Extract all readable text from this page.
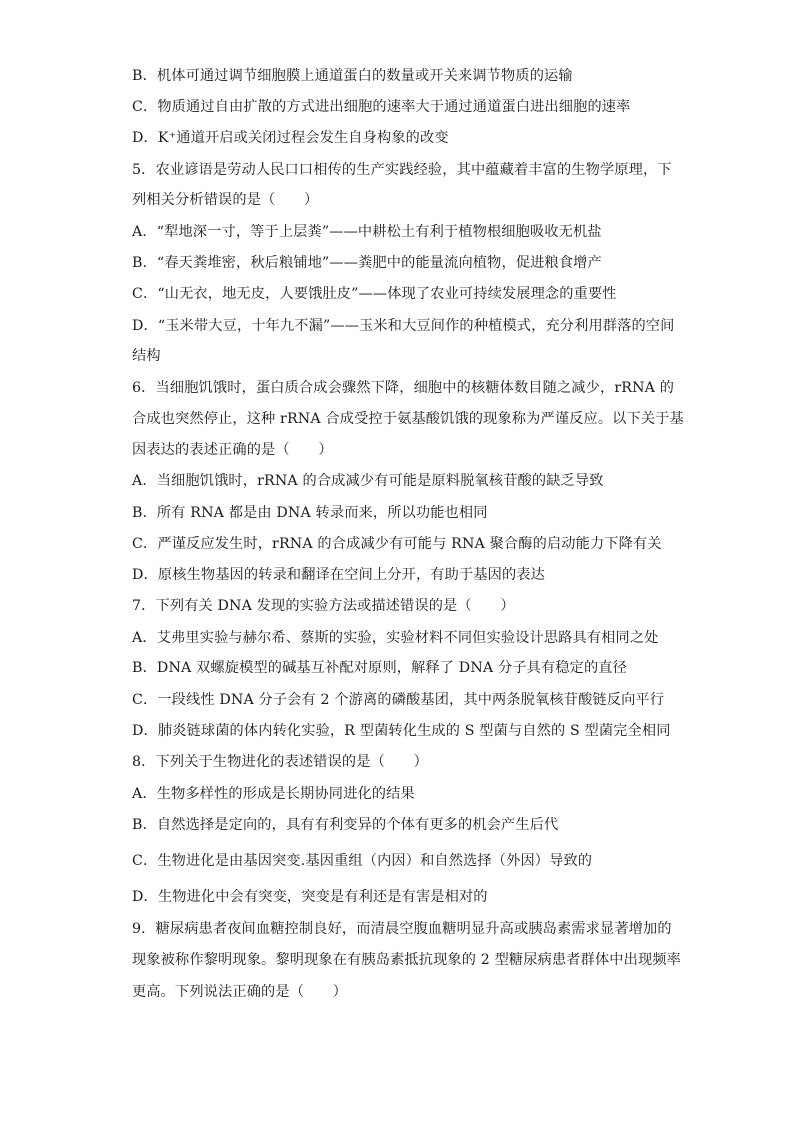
B．机体可通过调节细胞膜上通道蛋白的数量或开关来调节物质的运输
C．物质通过自由扩散的方式进出细胞的速率大于通过通道蛋白进出细胞的速率
D．K⁺通道开启或关闭过程会发生自身构象的改变
5．农业谚语是劳动人民口口相传的生产实践经验，其中蕴藏着丰富的生物学原理，下
列相关分析错误的是（　　）
A．“犁地深一寸，等于上层粪”——中耕松土有利于植物根细胞吸收无机盐
B．“春天粪堆密，秋后粮铺地”——粪肥中的能量流向植物，促进粮食增产
C．“山无衣，地无皮，人要饿肚皮”——体现了农业可持续发展理念的重要性
D．“玉米带大豆，十年九不漏”——玉米和大豆间作的种植模式，充分利用群落的空间
结构
6．当细胞饥饿时，蛋白质合成会骤然下降，细胞中的核糖体数目随之减少，rRNA 的
合成也突然停止，这种 rRNA 合成受控于氨基酸饥饿的现象称为严谨反应。以下关于基
因表达的表述正确的是（　　）
A．当细胞饥饿时，rRNA 的合成减少有可能是原料脱氧核苷酸的缺乏导致
B．所有 RNA 都是由 DNA 转录而来，所以功能也相同
C．严谨反应发生时，rRNA 的合成减少有可能与 RNA 聚合酶的启动能力下降有关
D．原核生物基因的转录和翻译在空间上分开，有助于基因的表达
7．下列有关 DNA 发现的实验方法或描述错误的是（　　）
A．艾弗里实验与赫尔希、蔡斯的实验，实验材料不同但实验设计思路具有相同之处
B．DNA 双螺旋模型的碱基互补配对原则，解释了 DNA 分子具有稳定的直径
C．一段线性 DNA 分子会有 2 个游离的磷酸基团，其中两条脱氧核苷酸链反向平行
D．肺炎链球菌的体内转化实验，R 型菌转化生成的 S 型菌与自然的 S 型菌完全相同
8．下列关于生物进化的表述错误的是（　　）
A．生物多样性的形成是长期协同进化的结果
B．自然选择是定向的，具有有利变异的个体有更多的机会产生后代
C．生物进化是由基因突变.基因重组（内因）和自然选择（外因）导致的
D．生物进化中会有突变，突变是有利还是有害是相对的
9．糖尿病患者夜间血糖控制良好，而清晨空腹血糖明显升高或胰岛素需求显著增加的
现象被称作黎明现象。黎明现象在有胰岛素抵抗现象的 2 型糖尿病患者群体中出现频率
更高。下列说法正确的是（　　）
